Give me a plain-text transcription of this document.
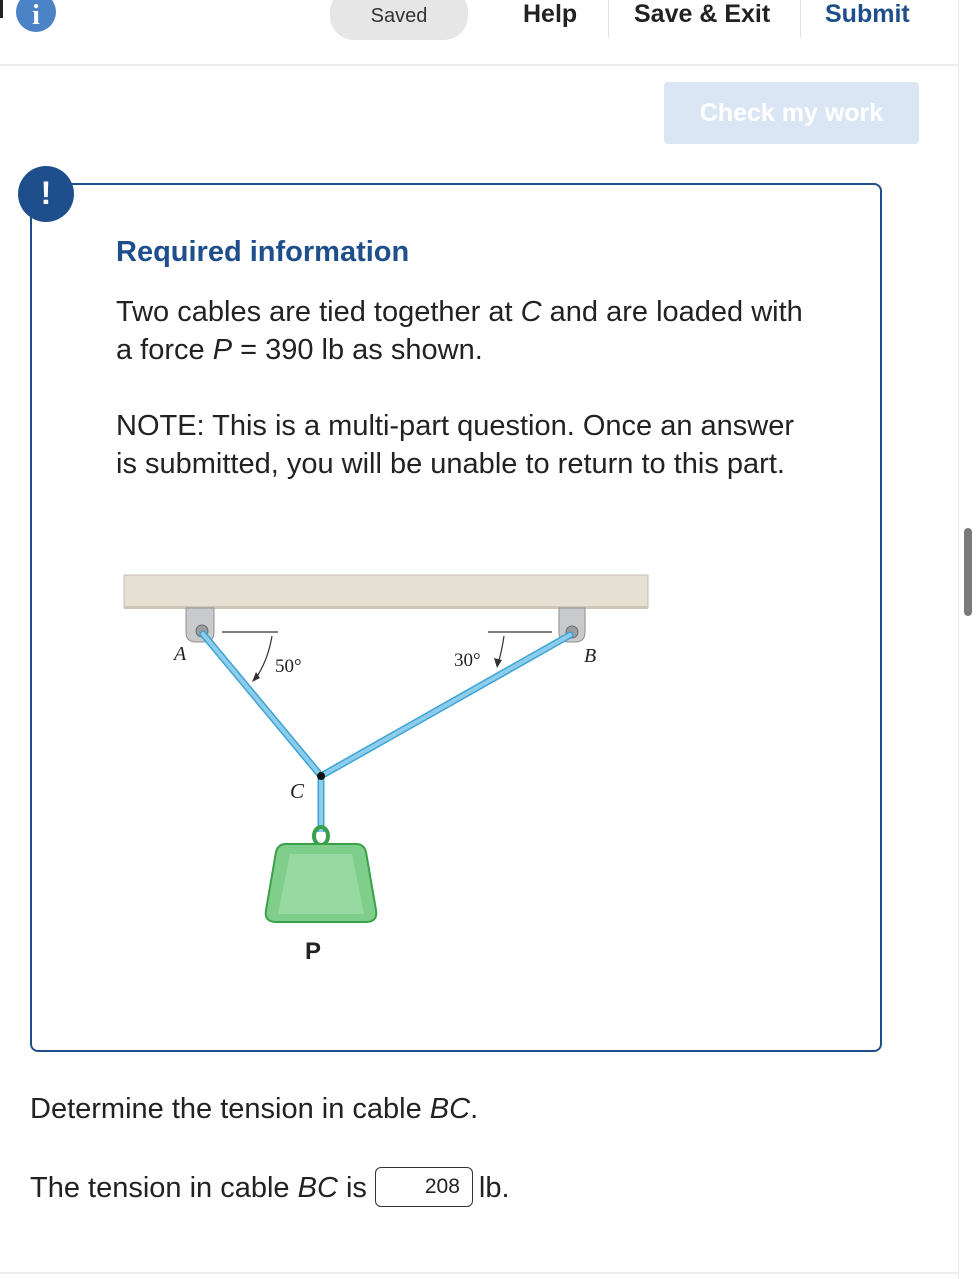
i	Saved	Help Save & Exit Submit
Check my work
!
Required information
Two cables are tied together at C and are loaded with a force P = 390 lb as shown.
NOTE: This is a multi-part question. Once an answer is submitted, you will be unable to return to this part.
A	B
C
P
50°	30°
Determine the tension in cable BC.
The tension in cable BC is	208 lb.
